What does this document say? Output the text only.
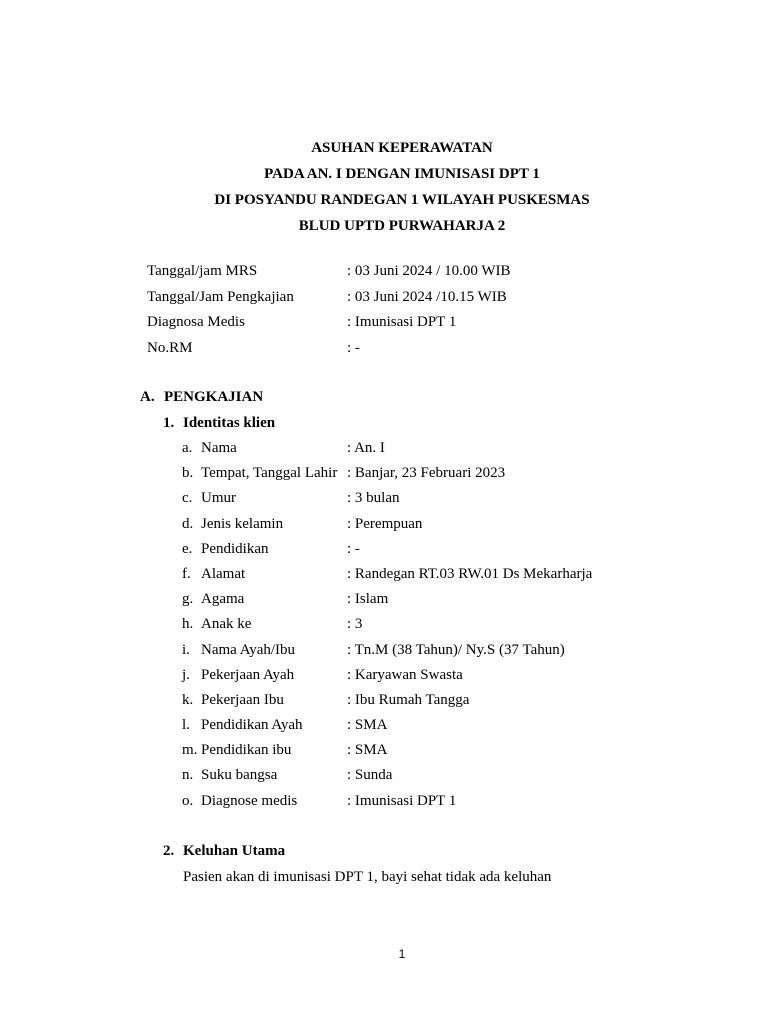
ASUHAN KEPERAWATAN
PADA AN. I DENGAN IMUNISASI DPT 1
DI POSYANDU RANDEGAN 1 WILAYAH PUSKESMAS
BLUD UPTD PURWAHARJA 2
Tanggal/jam MRS	: 03 Juni 2024 / 10.00 WIB
Tanggal/Jam Pengkajian	: 03 Juni 2024 /10.15 WIB
Diagnosa Medis	: Imunisasi DPT 1
No.RM	: -
A. PENGKAJIAN
1. Identitas klien
a. Nama	: An. I
b. Tempat, Tanggal Lahir : Banjar, 23 Februari 2023
c. Umur	: 3 bulan
d. Jenis kelamin	: Perempuan
e. Pendidikan	: -
f. Alamat	: Randegan RT.03 RW.01 Ds Mekarharja
g. Agama	: Islam
h. Anak ke	: 3
i. Nama Ayah/Ibu	: Tn.M (38 Tahun)/ Ny.S (37 Tahun)
j. Pekerjaan Ayah	: Karyawan Swasta
k. Pekerjaan Ibu	: Ibu Rumah Tangga
l. Pendidikan Ayah	: SMA
m. Pendidikan ibu	: SMA
n. Suku bangsa	: Sunda
o. Diagnose medis	: Imunisasi DPT 1
2. Keluhan Utama
Pasien akan di imunisasi DPT 1, bayi sehat tidak ada keluhan
1
